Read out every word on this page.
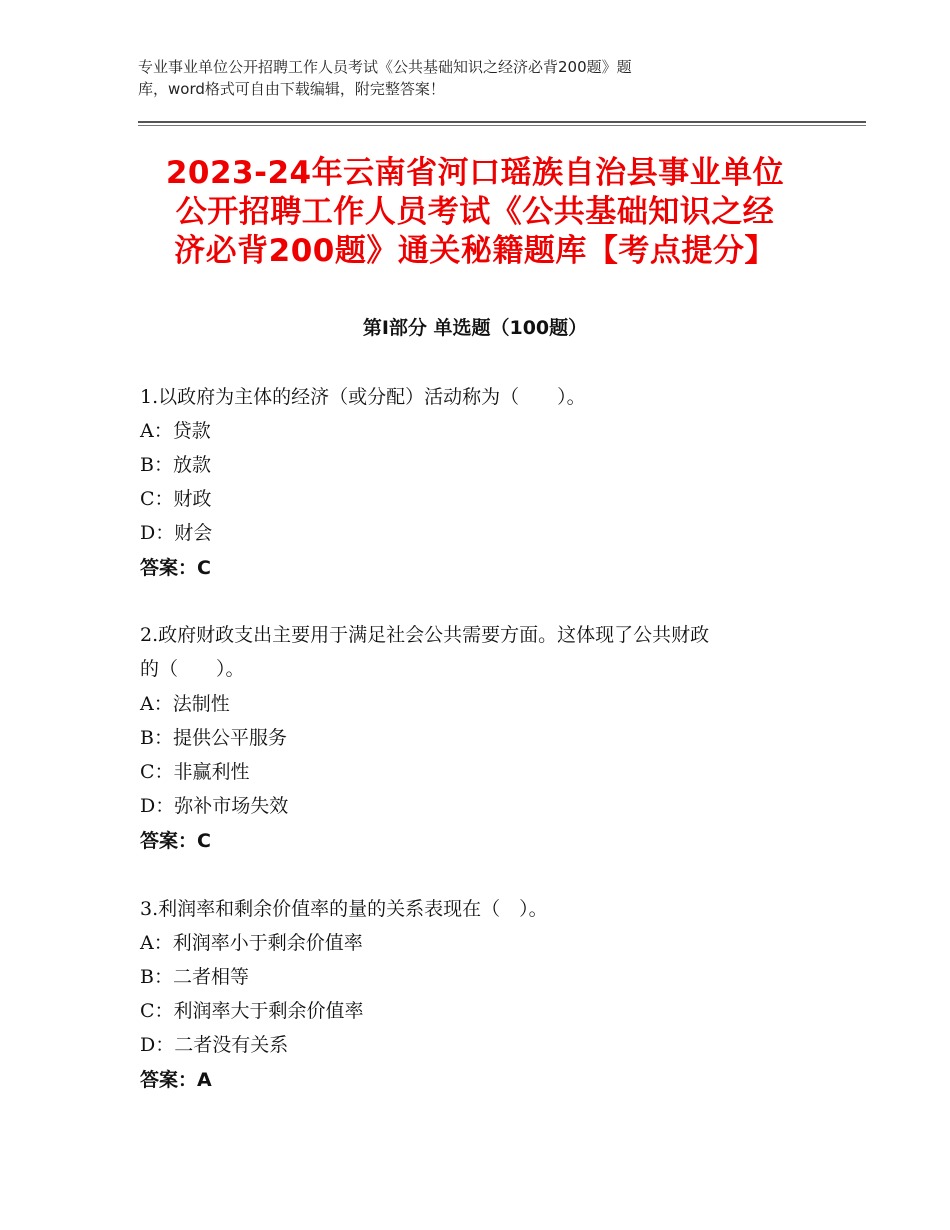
专业事业单位公开招聘工作人员考试《公共基础知识之经济必背200题》题
库，word格式可自由下载编辑，附完整答案！
2023-24年云南省河口瑶族自治县事业单位
公开招聘工作人员考试《公共基础知识之经
济必背200题》通关秘籍题库【考点提分】
第Ⅰ部分 单选题（100题）
1.以政府为主体的经济（或分配）活动称为（　　）。
A：贷款
B：放款
C：财政
D：财会
答案：C
2.政府财政支出主要用于满足社会公共需要方面。这体现了公共财政
的（　　）。
A：法制性
B：提供公平服务
C：非赢利性
D：弥补市场失效
答案：C
3.利润率和剩余价值率的量的关系表现在（　）。
A：利润率小于剩余价值率
B：二者相等
C：利润率大于剩余价值率
D：二者没有关系
答案：A
